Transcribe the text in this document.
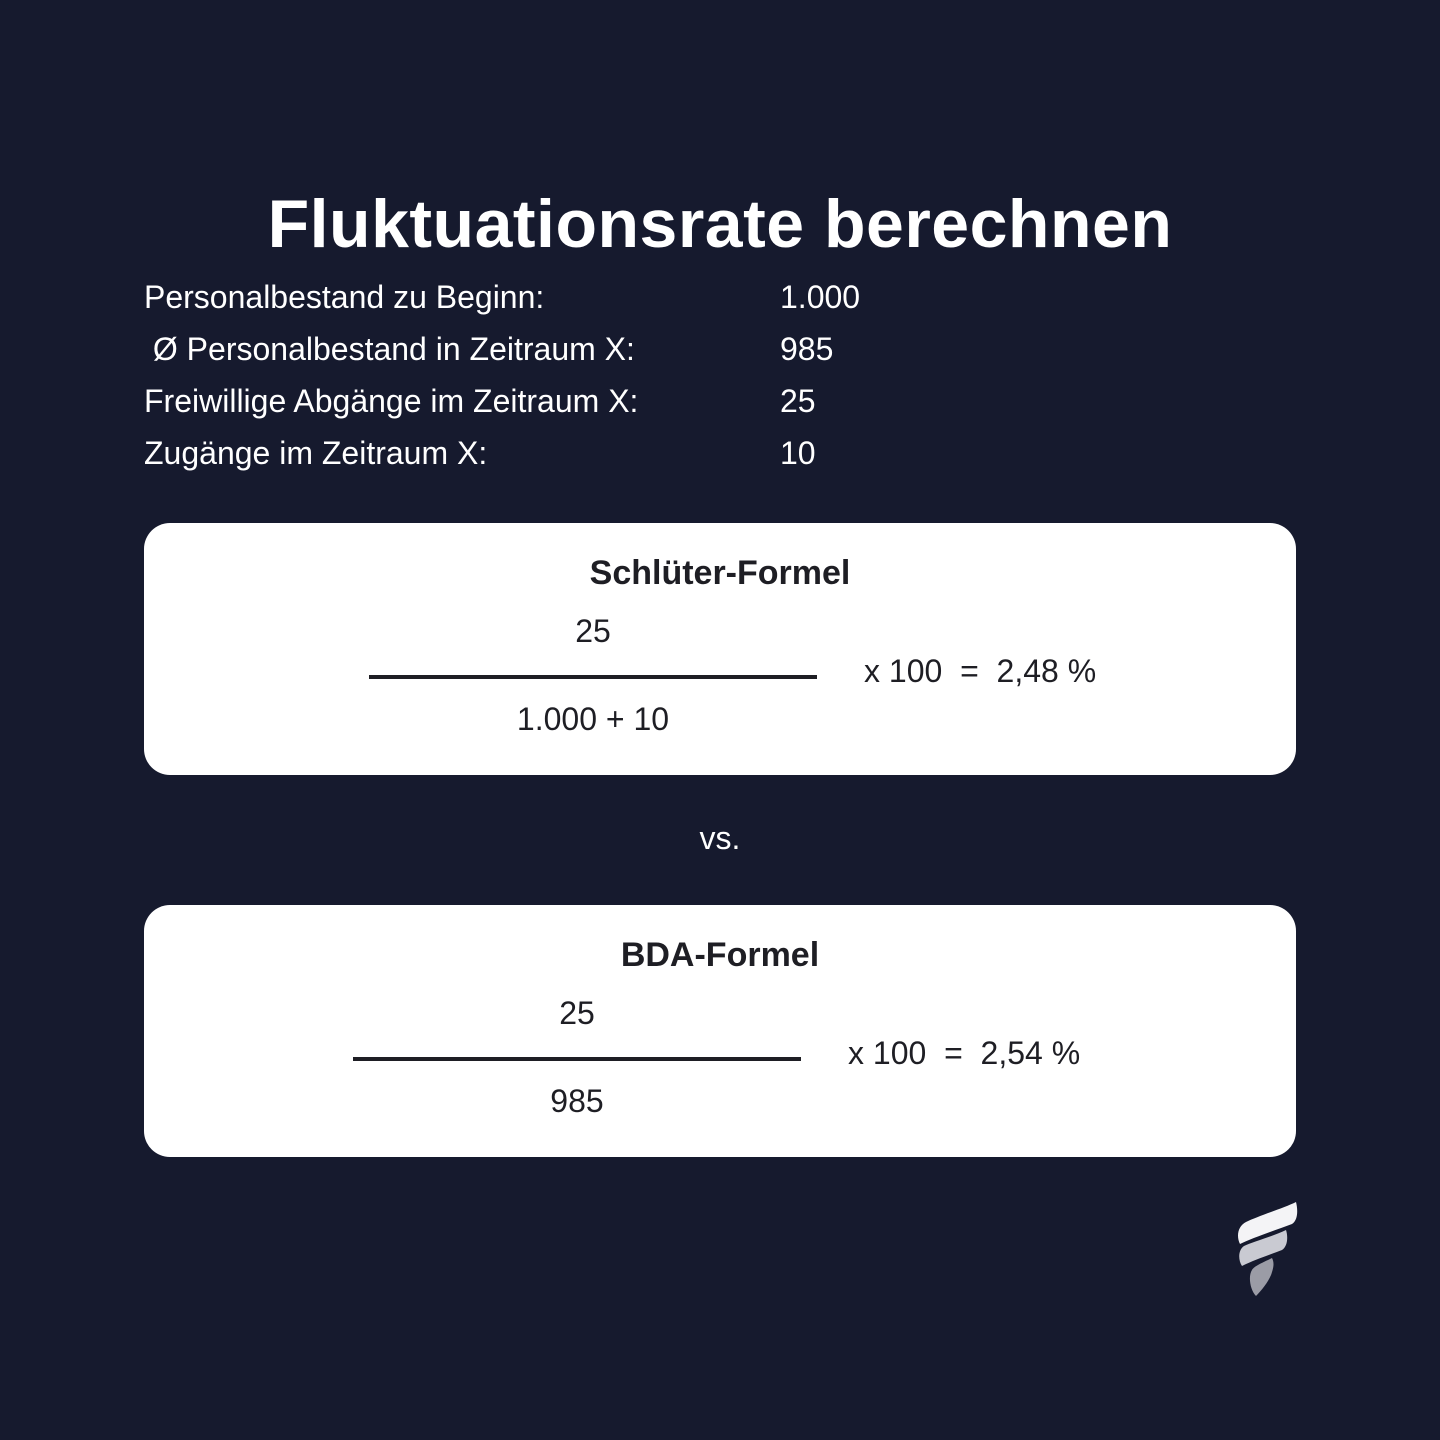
Fluktuationsrate berechnen
Personalbestand zu Beginn:	1.000
Ø Personalbestand in Zeitraum X:	985
Freiwillige Abgänge im Zeitraum X:	25
Zugänge im Zeitraum X:	10
Schlüter-Formel
25
1.000 + 10
x 100  =  2,48 %
vs.
BDA-Formel
25
985
x 100  =  2,54 %
